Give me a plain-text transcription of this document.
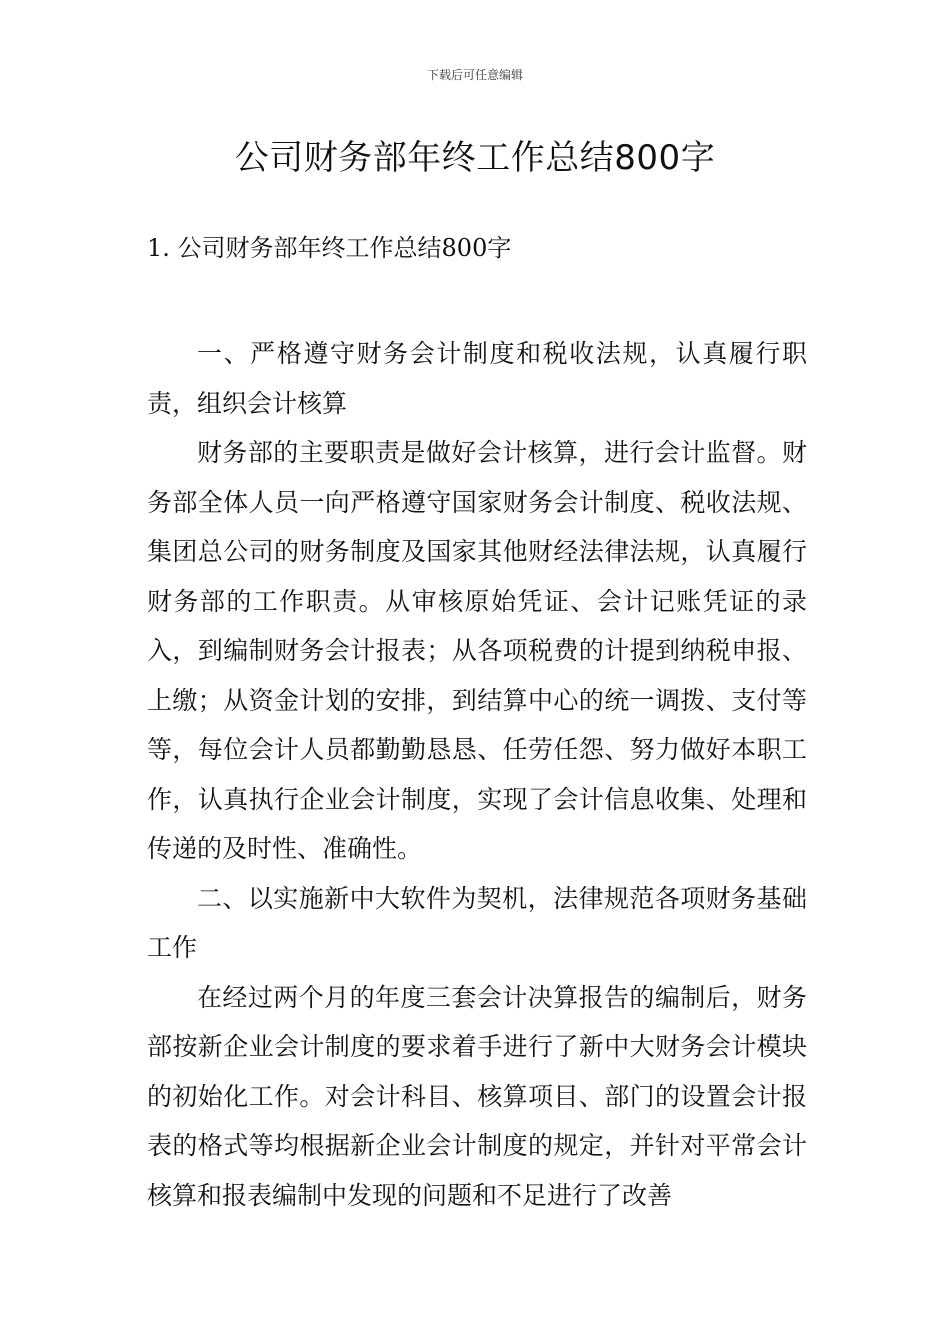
下载后可任意编辑
公司财务部年终工作总结800字
1. 公司财务部年终工作总结800字

一、严格遵守财务会计制度和税收法规，认真履行职责，组织会计核算

财务部的主要职责是做好会计核算，进行会计监督。财务部全体人员一向严格遵守国家财务会计制度、税收法规、集团总公司的财务制度及国家其他财经法律法规，认真履行财务部的工作职责。从审核原始凭证、会计记账凭证的录入，到编制财务会计报表；从各项税费的计提到纳税申报、上缴；从资金计划的安排，到结算中心的统一调拨、支付等等，每位会计人员都勤勤恳恳、任劳任怨、努力做好本职工作，认真执行企业会计制度，实现了会计信息收集、处理和传递的及时性、准确性。

二、以实施新中大软件为契机，法律规范各项财务基础工作

在经过两个月的年度三套会计决算报告的编制后，财务部按新企业会计制度的要求着手进行了新中大财务会计模块的初始化工作。对会计科目、核算项目、部门的设置会计报表的格式等均根据新企业会计制度的规定，并针对平常会计核算和报表编制中发现的问题和不足进行了改善
